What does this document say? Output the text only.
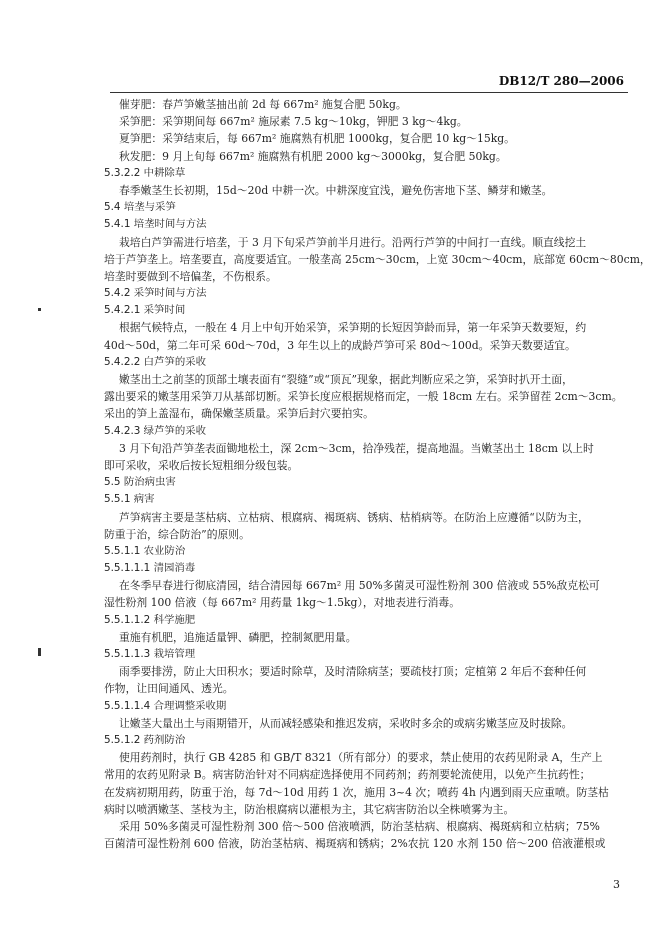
DB12/T 280—2006
催芽肥：春芦笋嫩茎抽出前 2d 每 667m² 施复合肥 50kg。
采笋肥：采笋期间每 667m² 施尿素 7.5 kg～10kg，钾肥 3 kg～4kg。
夏笋肥：采笋结束后，每 667m² 施腐熟有机肥 1000kg，复合肥 10 kg～15kg。
秋发肥：9 月上旬每 667m² 施腐熟有机肥 2000 kg～3000kg，复合肥 50kg。
5.3.2.2 中耕除草
春季嫩茎生长初期，15d～20d 中耕一次。中耕深度宜浅，避免伤害地下茎、鳞芽和嫩茎。
5.4 培垄与采笋
5.4.1 培垄时间与方法
栽培白芦笋需进行培垄，于 3 月下旬采芦笋前半月进行。沿两行芦笋的中间打一直线。顺直线挖土
培于芦笋垄上。培垄要直，高度要适宜。一般垄高 25cm～30cm，上宽 30cm～40cm，底部宽 60cm～80cm，
培垄时要做到不培偏垄，不伤根系。
5.4.2 采笋时间与方法
5.4.2.1 采笋时间
根据气候特点，一般在 4 月上中旬开始采笋，采笋期的长短因笋龄而异，第一年采笋天数要短，约
40d～50d，第二年可采 60d～70d，3 年生以上的成龄芦笋可采 80d～100d。采笋天数要适宜。
5.4.2.2 白芦笋的采收
嫩茎出土之前茎的顶部土壤表面有“裂缝”或“顶瓦”现象，据此判断应采之笋，采笋时扒开土面，
露出要采的嫩茎用采笋刀从基部切断。采笋长度应根据规格而定，一般 18cm 左右。采笋留茬 2cm～3cm。
采出的笋上盖湿布，确保嫩茎质量。采笋后封穴要拍实。
5.4.2.3 绿芦笋的采收
3 月下旬沿芦笋垄表面锄地松土，深 2cm～3cm，拾净残茬，提高地温。当嫩茎出土 18cm 以上时
即可采收，采收后按长短粗细分级包装。
5.5 防治病虫害
5.5.1 病害
芦笋病害主要是茎枯病、立枯病、根腐病、褐斑病、锈病、枯梢病等。在防治上应遵循“以防为主，
防重于治，综合防治”的原则。
5.5.1.1 农业防治
5.5.1.1.1 清园消毒
在冬季早春进行彻底清园，结合清园每 667m² 用 50%多菌灵可湿性粉剂 300 倍液或 55%敌克松可
湿性粉剂 100 倍液（每 667m² 用药量 1kg～1.5kg），对地表进行消毒。
5.5.1.1.2 科学施肥
重施有机肥，追施适量钾、磷肥，控制氮肥用量。
5.5.1.1.3 栽培管理
雨季要排涝，防止大田积水；要适时除草，及时清除病茎；要疏枝打顶；定植第 2 年后不套种任何
作物，让田间通风、透光。
5.5.1.1.4 合理调整采收期
让嫩茎大量出土与雨期错开，从而减轻感染和推迟发病，采收时多余的或病劣嫩茎应及时拔除。
5.5.1.2 药剂防治
使用药剂时，执行 GB 4285 和 GB/T 8321（所有部分）的要求，禁止使用的农药见附录 A，生产上
常用的农药见附录 B。病害防治针对不同病症选择使用不同药剂；药剂要轮流使用，以免产生抗药性；
在发病初期用药，防重于治，每 7d～10d 用药 1 次，施用 3~4 次；喷药 4h 内遇到雨天应重喷。防茎枯
病时以喷洒嫩茎、茎枝为主，防治根腐病以灌根为主，其它病害防治以全株喷雾为主。
采用 50%多菌灵可湿性粉剂 300 倍～500 倍液喷洒，防治茎枯病、根腐病、褐斑病和立枯病；75%
百菌清可湿性粉剂 600 倍液，防治茎枯病、褐斑病和锈病；2%农抗 120 水剂 150 倍～200 倍液灌根或
3
